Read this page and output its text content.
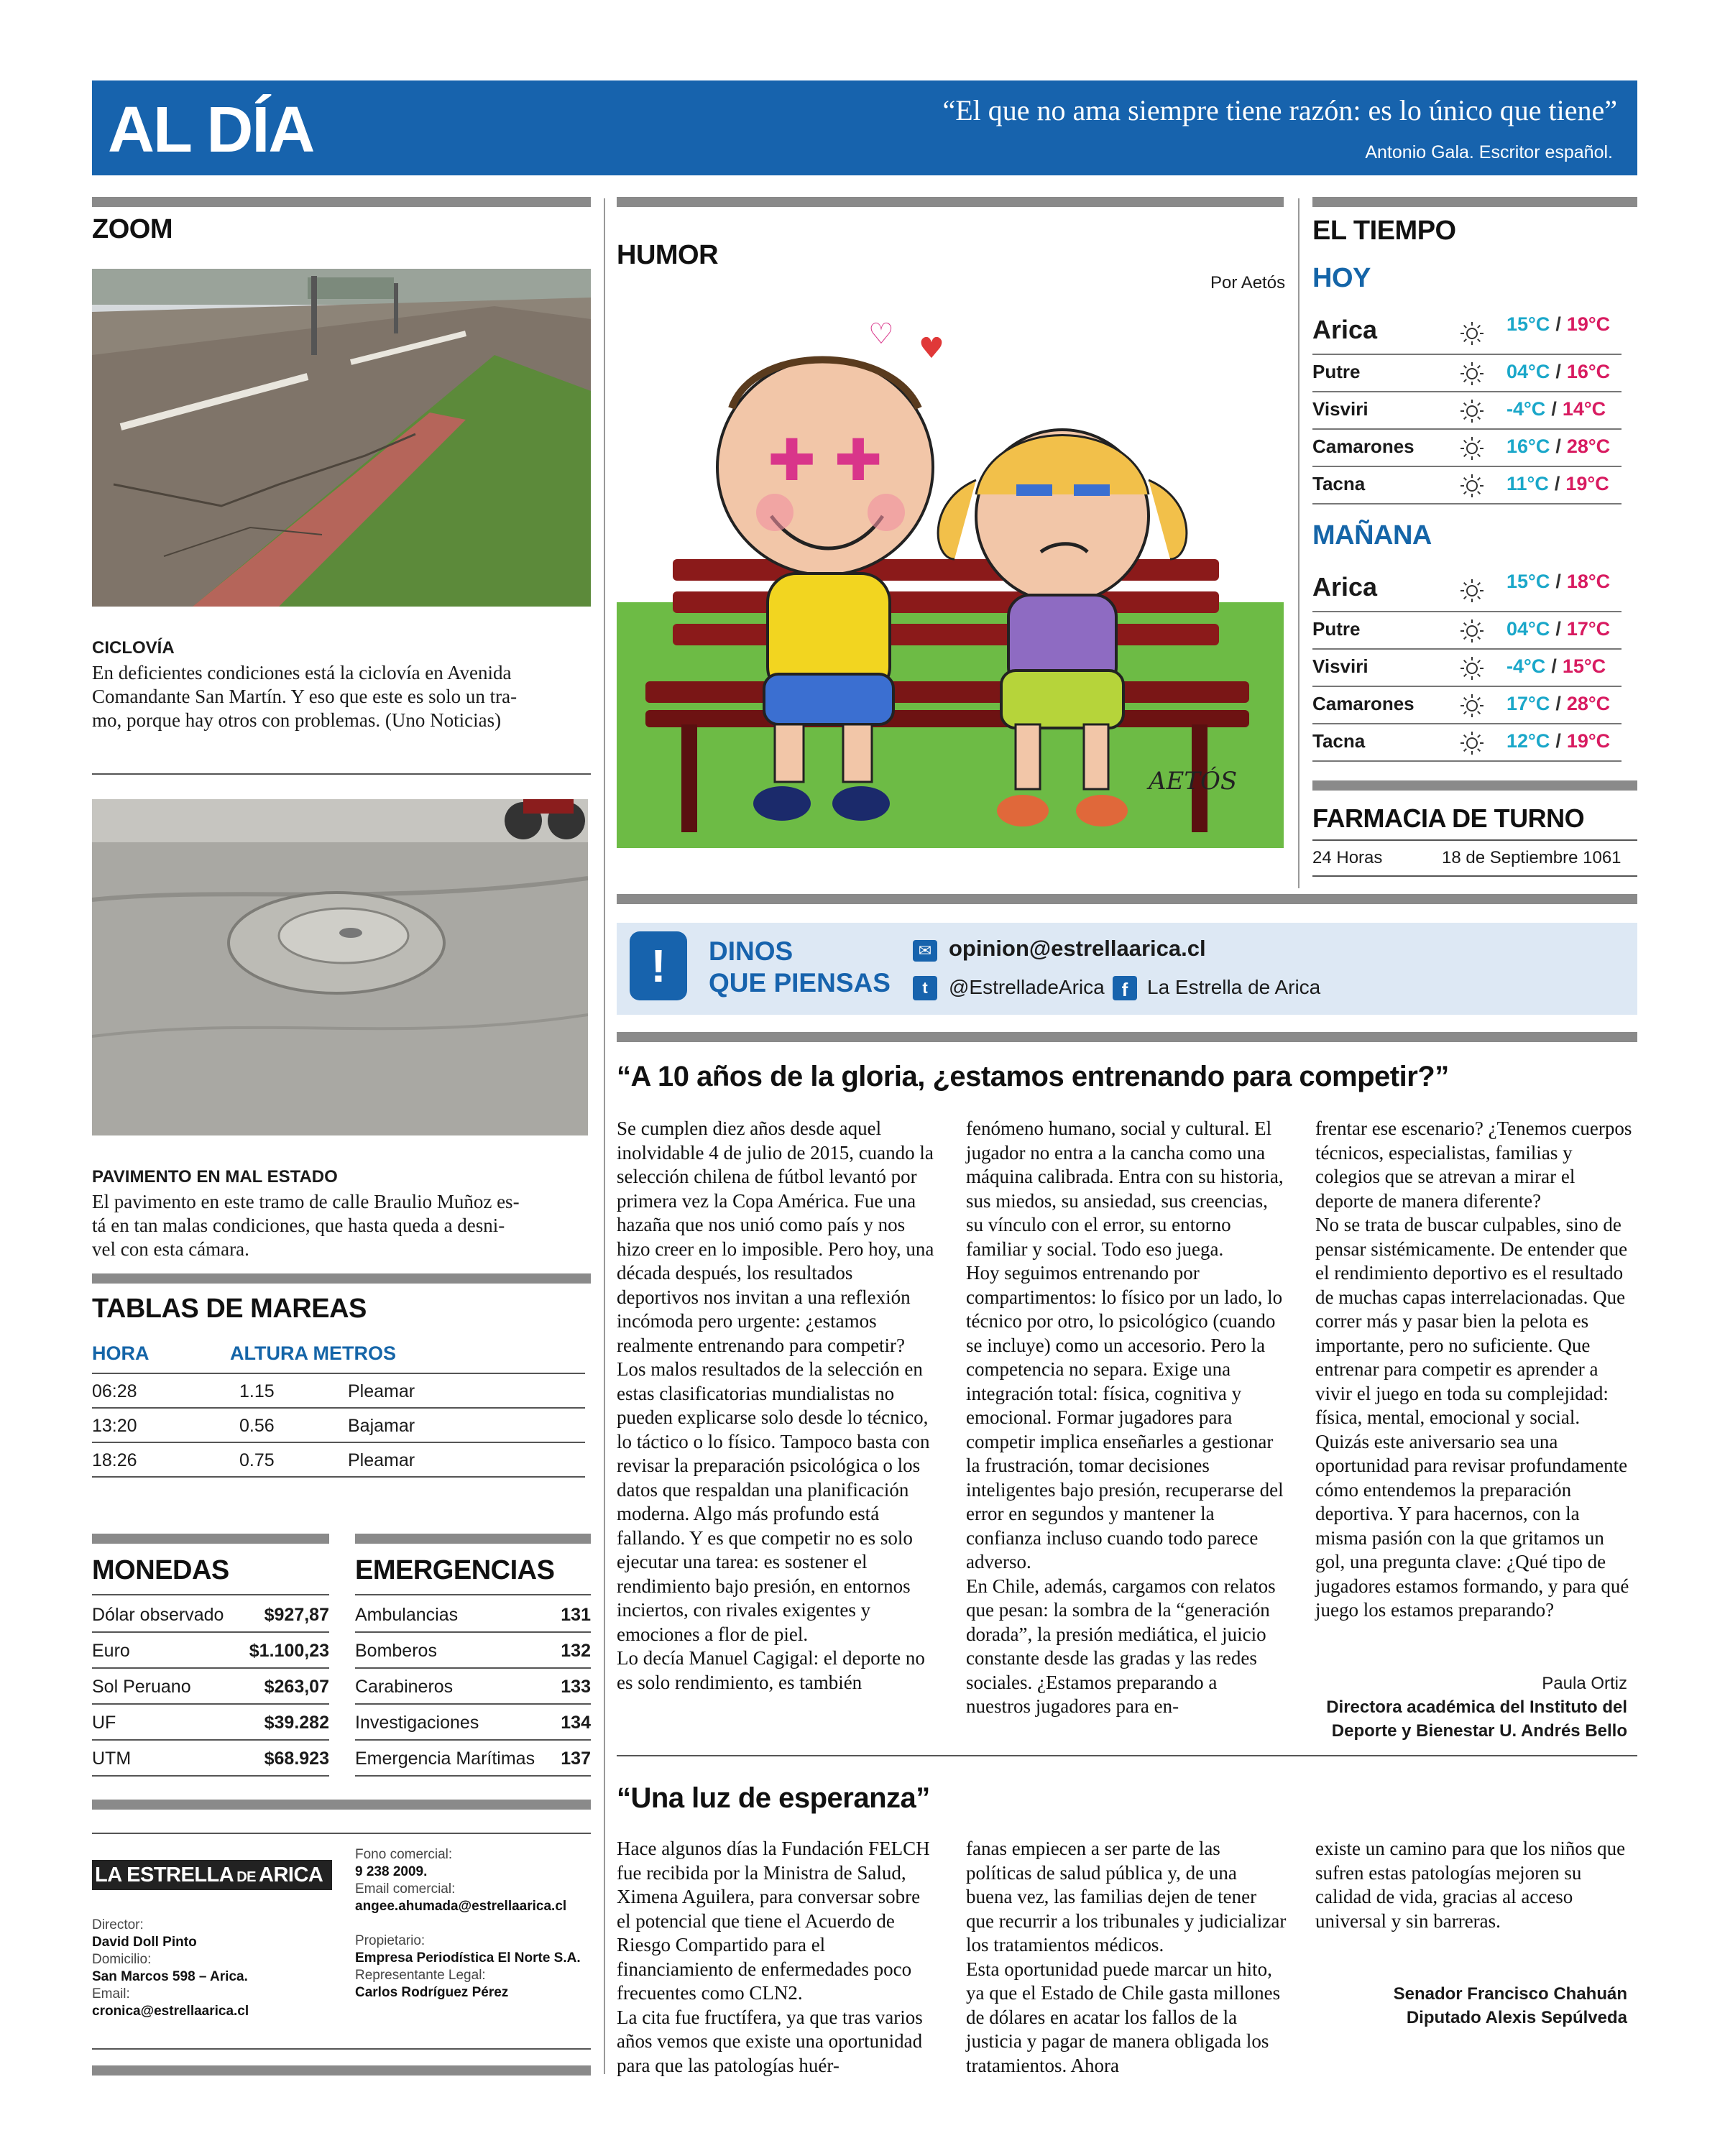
AL DÍA	“El que no ama siempre tiene razón: es lo único que tiene”
Antonio Gala. Escritor español.
ZOOM
CICLOVÍA
En deficientes condiciones está la ciclovía en Avenida
Comandante San Martín. Y eso que este es solo un tra-
mo, porque hay otros con problemas. (Uno Noticias)
PAVIMENTO EN MAL ESTADO
El pavimento en este tramo de calle Braulio Muñoz es-
tá en tan malas condiciones, que hasta queda a desni-
vel con esta cámara.
TABLAS DE MAREAS
HORA	ALTURA METROS
06:28	1.15	Pleamar
13:20	0.56	Bajamar
18:26	0.75	Pleamar
MONEDAS
Dólar observado $927,87
Euro	$1.100,23
Sol Peruano	$263,07
UF	$39.282
UTM	$68.923
EMERGENCIAS
Ambulancias	131
Bomberos	132
Carabineros	133
Investigaciones	134
Emergencia Marítimas 137
LA ESTRELLA DE ARICA
Director:
David Doll Pinto
Domicilio:
San Marcos 598 – Arica.
Email:
cronica@estrellaarica.cl
Fono comercial:
9 238 2009.
Email comercial:
angee.ahumada@estrellaarica.cl
Propietario:
Empresa Periodística El Norte S.A.
Representante Legal:
Carlos Rodríguez Pérez
HUMOR
Por Aetós
✚ ✚
♡ ♥
AETÓS
EL TIEMPO
HOY
Arica	15°C / 19°C
Putre	04°C / 16°C
Visviri	-4°C / 14°C
Camarones	16°C / 28°C
Tacna	11°C / 19°C
MAÑANA
Arica	15°C / 18°C
Putre	04°C / 17°C
Visviri	-4°C / 15°C
Camarones	17°C / 28°C
Tacna	12°C / 19°C
FARMACIA DE TURNO
24 Horas	18 de Septiembre 1061
!	DINOS
QUE PIENSAS
✉ opinion@estrellaarica.cl
t	@EstrelladeArica f La Estrella de Arica
“A 10 años de la gloria, ¿estamos entrenando para competir?”

Se cumplen diez años desde aquel inolvidable 4 de julio de 2015, cuando la selección chilena de fútbol levantó por primera vez la Copa América. Fue una hazaña que nos unió como país y nos hizo creer en lo imposible. Pero hoy, una década después, los resultados deportivos nos invitan a una reflexión incómoda pero urgente: ¿estamos realmente entrenando para competir?

Los malos resultados de la selección en estas clasificatorias mundialistas no pueden explicarse solo desde lo técnico, lo táctico o lo físico. Tampoco basta con revisar la preparación psicológica o los datos que respaldan una planificación moderna. Algo más profundo está fallando. Y es que competir no es solo ejecutar una tarea: es sostener el rendimiento bajo presión, en entornos inciertos, con rivales exigentes y emociones a flor de piel.

Lo decía Manuel Cagigal: el deporte no es solo rendimiento, es también

fenómeno humano, social y cultural. El jugador no entra a la cancha como una máquina calibrada. Entra con su historia, sus miedos, su ansiedad, sus creencias, su vínculo con el error, su entorno familiar y social. Todo eso juega.

Hoy seguimos entrenando por compartimentos: lo físico por un lado, lo técnico por otro, lo psicológico (cuando se incluye) como un accesorio. Pero la competencia no separa. Exige una integración total: física, cognitiva y emocional. Formar jugadores para competir implica enseñarles a gestionar la frustración, tomar decisiones inteligentes bajo presión, recuperarse del error en segundos y mantener la confianza incluso cuando todo parece adverso.

En Chile, además, cargamos con relatos que pesan: la sombra de la “generación dorada”, la presión mediática, el juicio constante desde las gradas y las redes sociales. ¿Estamos preparando a nuestros jugadores para en-

frentar ese escenario? ¿Tenemos cuerpos técnicos, especialistas, familias y colegios que se atrevan a mirar el deporte de manera diferente?

No se trata de buscar culpables, sino de pensar sistémicamente. De entender que el rendimiento deportivo es el resultado de muchas capas interrelacionadas. Que correr más y pasar bien la pelota es importante, pero no suficiente. Que entrenar para competir es aprender a vivir el juego en toda su complejidad: física, mental, emocional y social.

Quizás este aniversario sea una oportunidad para revisar profundamente cómo entendemos la preparación deportiva. Y para hacernos, con la misma pasión con la que gritamos un gol, una pregunta clave: ¿Qué tipo de jugadores estamos formando, y para qué juego los estamos preparando?

Paula Ortiz
Directora académica del Instituto del
Deporte y Bienestar U. Andrés Bello
“Una luz de esperanza”

Hace algunos días la Fundación FELCH fue recibida por la Ministra de Salud, Ximena Aguilera, para conversar sobre el potencial que tiene el Acuerdo de Riesgo Compartido para el financiamiento de enfermedades poco frecuentes como CLN2.

La cita fue fructífera, ya que tras varios años vemos que existe una oportunidad para que las patologías huér-

fanas empiecen a ser parte de las políticas de salud pública y, de una buena vez, las familias dejen de tener que recurrir a los tribunales y judicializar los tratamientos médicos.

Esta oportunidad puede marcar un hito, ya que el Estado de Chile gasta millones de dólares en acatar los fallos de la justicia y pagar de manera obligada los tratamientos. Ahora

existe un camino para que los niños que sufren estas patologías mejoren su calidad de vida, gracias al acceso universal y sin barreras.
Senador Francisco Chahuán
Diputado Alexis Sepúlveda
